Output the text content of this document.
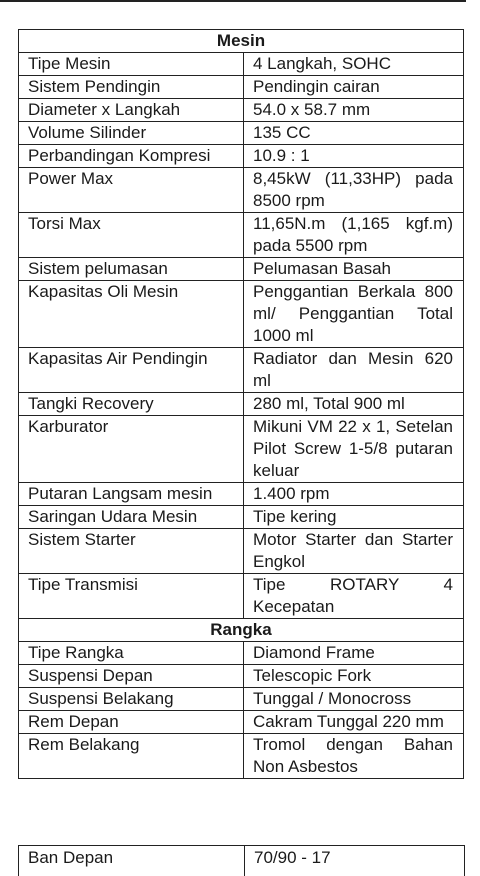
Mesin	
Tipe Mesin	4 Langkah, SOHC
Sistem Pendingin	Pendingin cairan
Diameter x Langkah	54.0 x 58.7 mm
Volume Silinder	135 CC
Perbandingan Kompresi	10.9 : 1
Power Max	8,45kW (11,33HP) pada 8500 rpm
Torsi Max	11,65N.m (1,165 kgf.m) pada 5500 rpm
Sistem pelumasan	Pelumasan Basah
Kapasitas Oli Mesin	Penggantian Berkala 800 ml/ Penggantian Total 1000 ml
Kapasitas Air Pendingin	Radiator dan Mesin 620 ml
Tangki Recovery	280 ml, Total 900 ml
Karburator	Mikuni VM 22 x 1, Setelan Pilot Screw 1-5/8 putaran keluar
Putaran Langsam mesin	1.400 rpm
Saringan Udara Mesin	Tipe kering
Sistem Starter	Motor Starter dan Starter Engkol
Tipe Transmisi	Tipe ROTARY 4 Kecepatan
Rangka	
Tipe Rangka	Diamond Frame
Suspensi Depan	Telescopic Fork
Suspensi Belakang	Tunggal / Monocross
Rem Depan	Cakram Tunggal 220 mm
Rem Belakang	Tromol dengan Bahan Non Asbestos
Ban Depan	70/90 - 17
